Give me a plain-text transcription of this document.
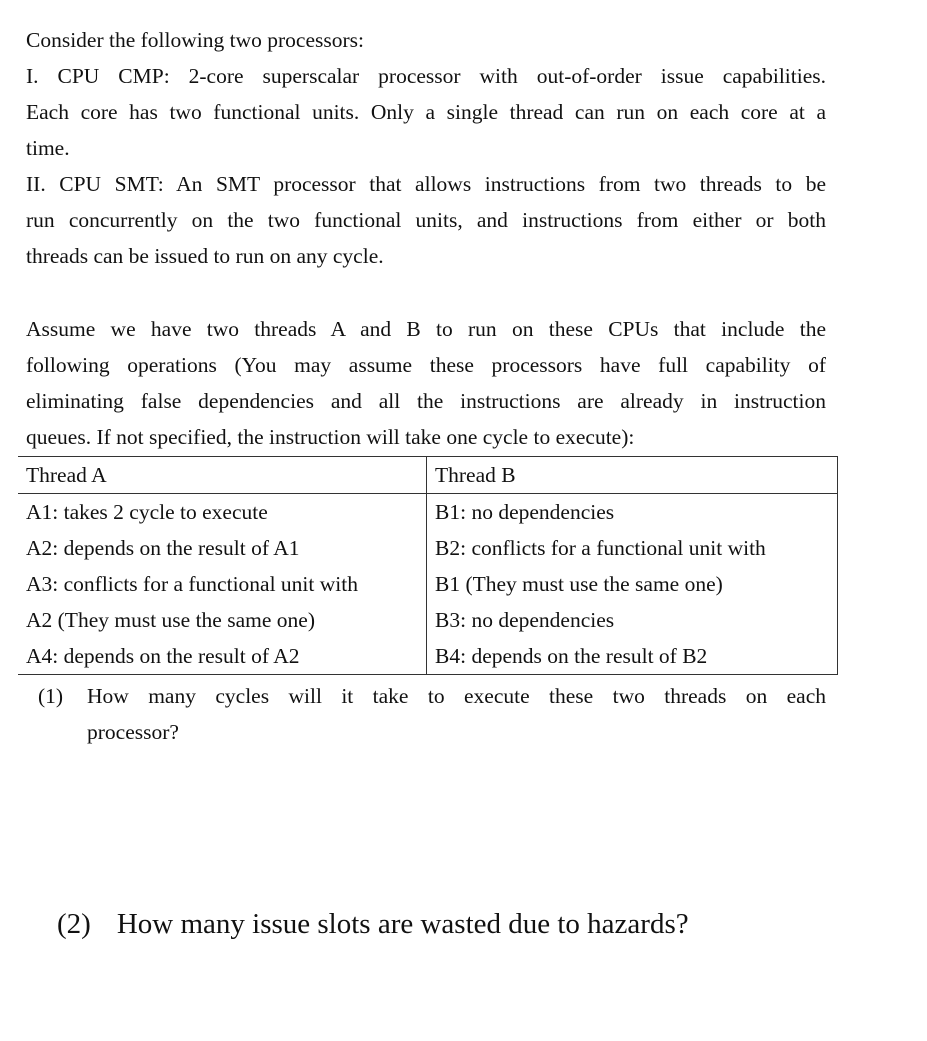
Consider the following two processors:
I. CPU CMP: 2-core superscalar processor with out-of-order issue capabilities.
Each core has two functional units. Only a single thread can run on each core at a
time.
II. CPU SMT: An SMT processor that allows instructions from two threads to be
run concurrently on the two functional units, and instructions from either or both
threads can be issued to run on any cycle.
Assume we have two threads A and B to run on these CPUs that include the
following operations (You may assume these processors have full capability of
eliminating false dependencies and all the instructions are already in instruction
queues. If not specified, the instruction will take one cycle to execute):
Thread A	Thread B
A1: takes 2 cycle to execute	B1: no dependencies
A2: depends on the result of A1	B2: conflicts for a functional unit with
A3: conflicts for a functional unit with	B1 (They must use the same one)
A2 (They must use the same one)	B3: no dependencies
A4: depends on the result of A2	B4: depends on the result of B2
(1) How many cycles will it take to execute these two threads on each
processor?
(2) How many issue slots are wasted due to hazards?
